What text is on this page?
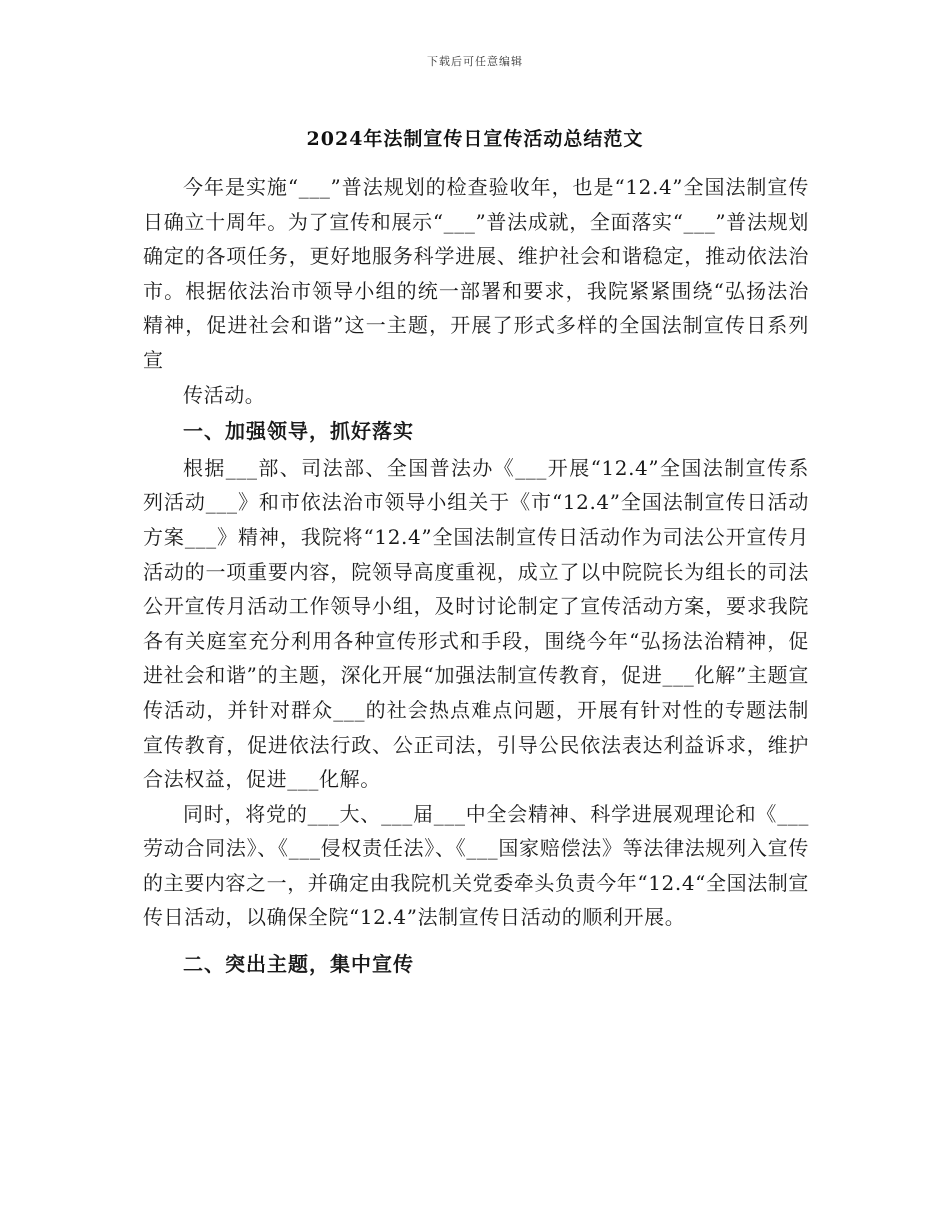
下载后可任意编辑
2024年法制宣传日宣传活动总结范文

今年是实施“___”普法规划的检查验收年，也是“12.4”全国法制宣传日确立十周年。为了宣传和展示“___”普法成就，全面落实“___”普法规划确定的各项任务，更好地服务科学进展、维护社会和谐稳定，推动依法治市。根据依法治市领导小组的统一部署和要求，我院紧紧围绕“弘扬法治精神，促进社会和谐”这一主题，开展了形式多样的全国法制宣传日系列宣

传活动。

一、加强领导，抓好落实

根据___部、司法部、全国普法办《___开展“12.4”全国法制宣传系列活动___》和市依法治市领导小组关于《市“12.4”全国法制宣传日活动方案___》精神，我院将“12.4”全国法制宣传日活动作为司法公开宣传月活动的一项重要内容，院领导高度重视，成立了以中院院长为组长的司法公开宣传月活动工作领导小组，及时讨论制定了宣传活动方案，要求我院各有关庭室充分利用各种宣传形式和手段，围绕今年“弘扬法治精神，促进社会和谐”的主题，深化开展“加强法制宣传教育，促进___化解”主题宣传活动，并针对群众___的社会热点难点问题，开展有针对性的专题法制宣传教育，促进依法行政、公正司法，引导公民依法表达利益诉求，维护合法权益，促进___化解。

同时，将党的___大、___届___中全会精神、科学进展观理论和《___劳动合同法》、《___侵权责任法》、《___国家赔偿法》等法律法规列入宣传的主要内容之一，并确定由我院机关党委牵头负责今年“12.4“全国法制宣传日活动，以确保全院“12.4”法制宣传日活动的顺利开展。

二、突出主题，集中宣传
